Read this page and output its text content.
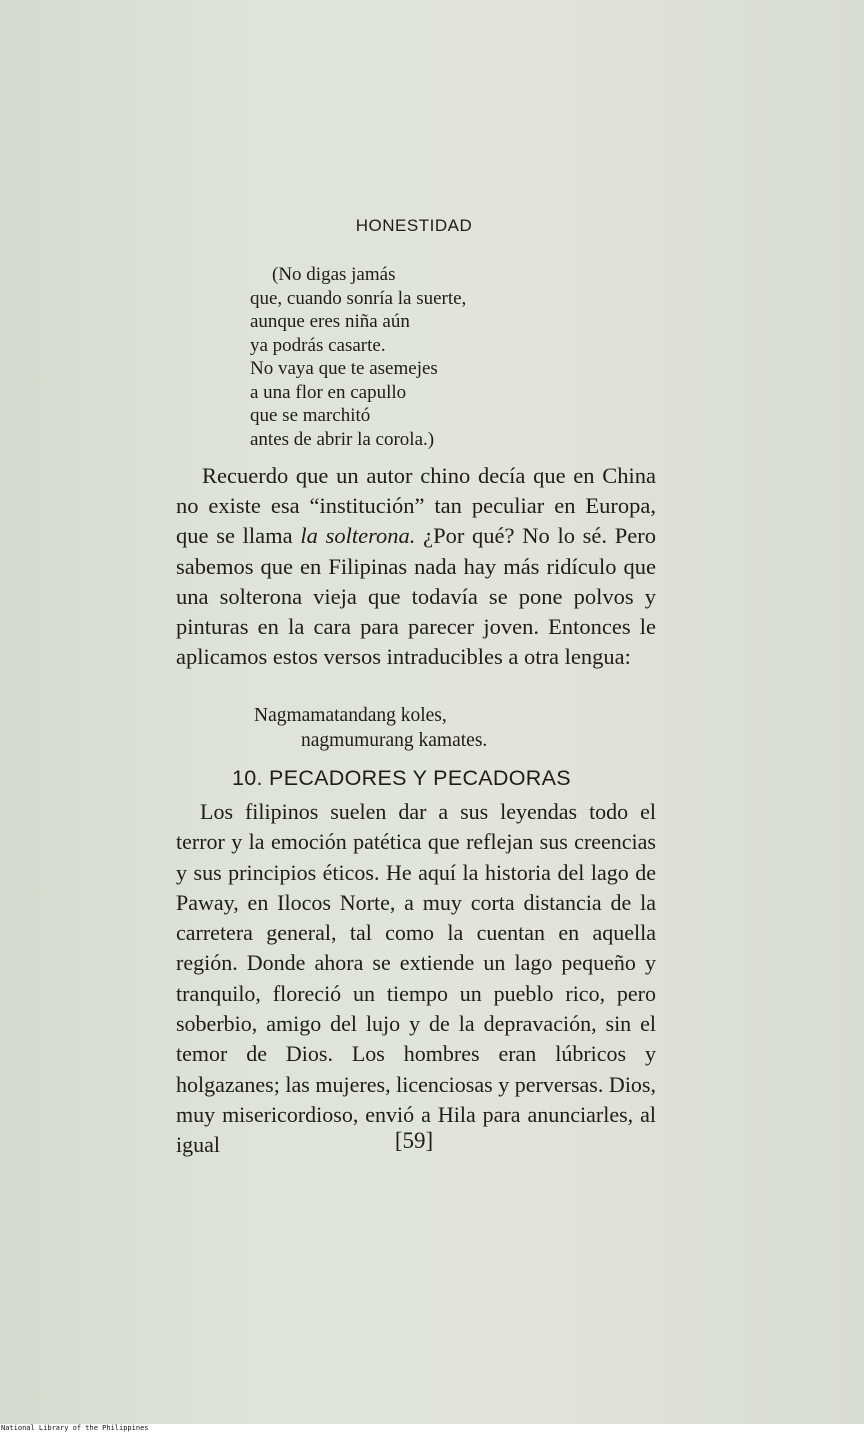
HONESTIDAD
(No digas jamás
que, cuando sonría la suerte,
aunque eres niña aún
ya podrás casarte.
No vaya que te asemejes
a una flor en capullo
que se marchitó
antes de abrir la corola.)

Recuerdo que un autor chino decía que en China no existe esa “institución” tan peculiar en Europa, que se llama la solterona. ¿Por qué? No lo sé. Pero sabemos que en Filipinas nada hay más ridículo que una solterona vieja que todavía se pone polvos y pinturas en la cara para parecer joven. Entonces le aplicamos estos versos intraducibles a otra lengua:

Nagmamatandang koles,
nagmumurang kamates.
10. PECADORES Y PECADORAS

Los filipinos suelen dar a sus leyendas todo el terror y la emoción patética que reflejan sus creencias y sus principios éticos. He aquí la historia del lago de Paway, en Ilocos Norte, a muy corta distancia de la carretera general, tal como la cuentan en aquella región. Donde ahora se extiende un lago pequeño y tranquilo, floreció un tiempo un pueblo rico, pero soberbio, amigo del lujo y de la depravación, sin el temor de Dios. Los hombres eran lúbricos y holgazanes; las mujeres, licenciosas y perversas. Dios, muy misericordioso, envió a Hila para anunciarles, al igual	[59]
National Library of the Philippines
